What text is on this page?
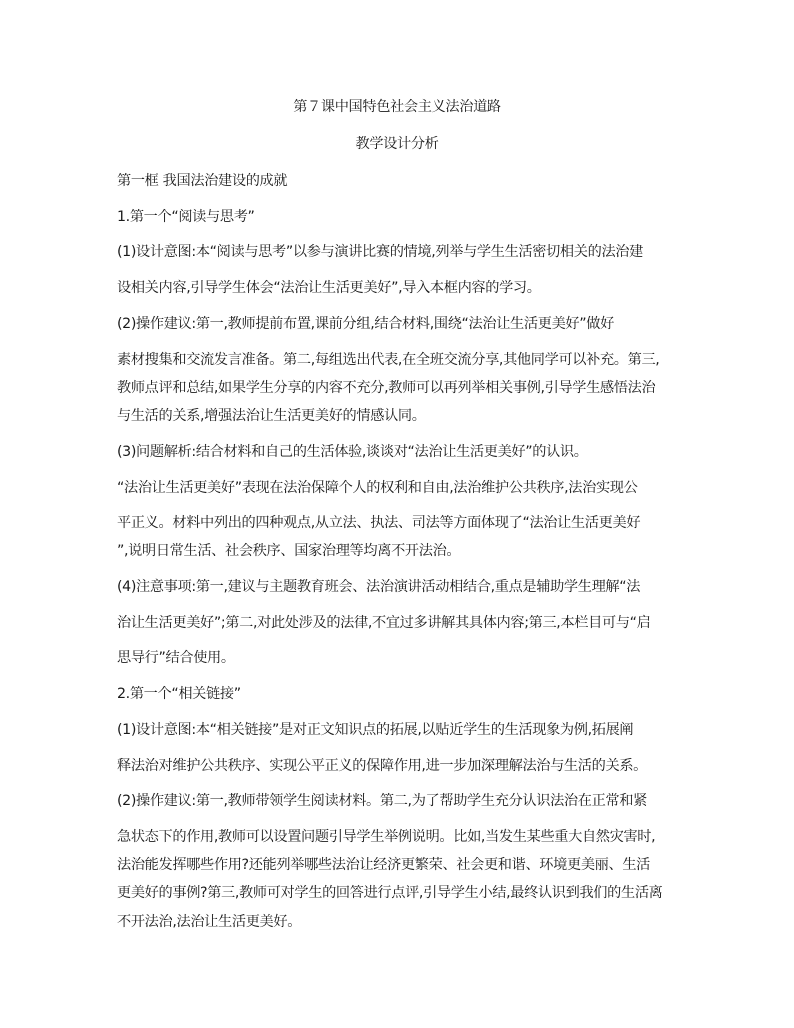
第７课中国特色社会主义法治道路
教学设计分析
第一框 我国法治建设的成就
1.第一个“阅读与思考”
(1)设计意图:本“阅读与思考”以参与演讲比赛的情境,列举与学生生活密切相关的法治建
设相关内容,引导学生体会“法治让生活更美好”,导入本框内容的学习。
(2)操作建议:第一,教师提前布置,课前分组,结合材料,围绕“法治让生活更美好”做好
素材搜集和交流发言准备。第二,每组选出代表,在全班交流分享,其他同学可以补充。第三,
教师点评和总结,如果学生分享的内容不充分,教师可以再列举相关事例,引导学生感悟法治
与生活的关系,增强法治让生活更美好的情感认同。
(3)问题解析:结合材料和自己的生活体验,谈谈对“法治让生活更美好”的认识。
“法治让生活更美好”表现在法治保障个人的权利和自由,法治维护公共秩序,法治实现公
平正义。材料中列出的四种观点,从立法、执法、司法等方面体现了“法治让生活更美好
”,说明日常生活、社会秩序、国家治理等均离不开法治。
(4)注意事项:第一,建议与主题教育班会、法治演讲活动相结合,重点是辅助学生理解“法
治让生活更美好”;第二,对此处涉及的法律,不宜过多讲解其具体内容;第三,本栏目可与“启
思导行”结合使用。
2.第一个“相关链接”
(1)设计意图:本“相关链接”是对正文知识点的拓展,以贴近学生的生活现象为例,拓展阐
释法治对维护公共秩序、实现公平正义的保障作用,进一步加深理解法治与生活的关系。
(2)操作建议:第一,教师带领学生阅读材料。第二,为了帮助学生充分认识法治在正常和紧
急状态下的作用,教师可以设置问题引导学生举例说明。比如,当发生某些重大自然灾害时,
法治能发挥哪些作用?还能列举哪些法治让经济更繁荣、社会更和谐、环境更美丽、生活
更美好的事例?第三,教师可对学生的回答进行点评,引导学生小结,最终认识到我们的生活离
不开法治,法治让生活更美好。
